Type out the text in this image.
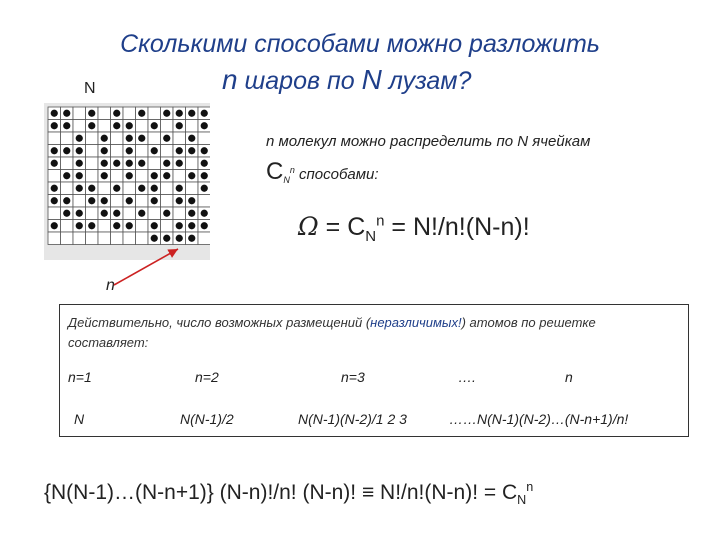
Сколькими способами можно разложить
n шаров по N лузам?
N
n
n молекул можно распределить по N ячейкам
$C_N^n$ способами:
$\Omega = C_N^n = N!/n!(N-n)$!
Действительно, число возможных размещений (неразличимых!) атомов по решетке составляет:
n=1	n=2	n=3	….	n
N	N(N-1)/2	N(N-1)(N-2)/1 2 3	……N(N-1)(N-2)…(N-n+1)/n!
{N(N-1)…(N-n+1)} (N-n)!/n! (N-n)! ≡ N!/n!(N-n)! = $C_N^n$
